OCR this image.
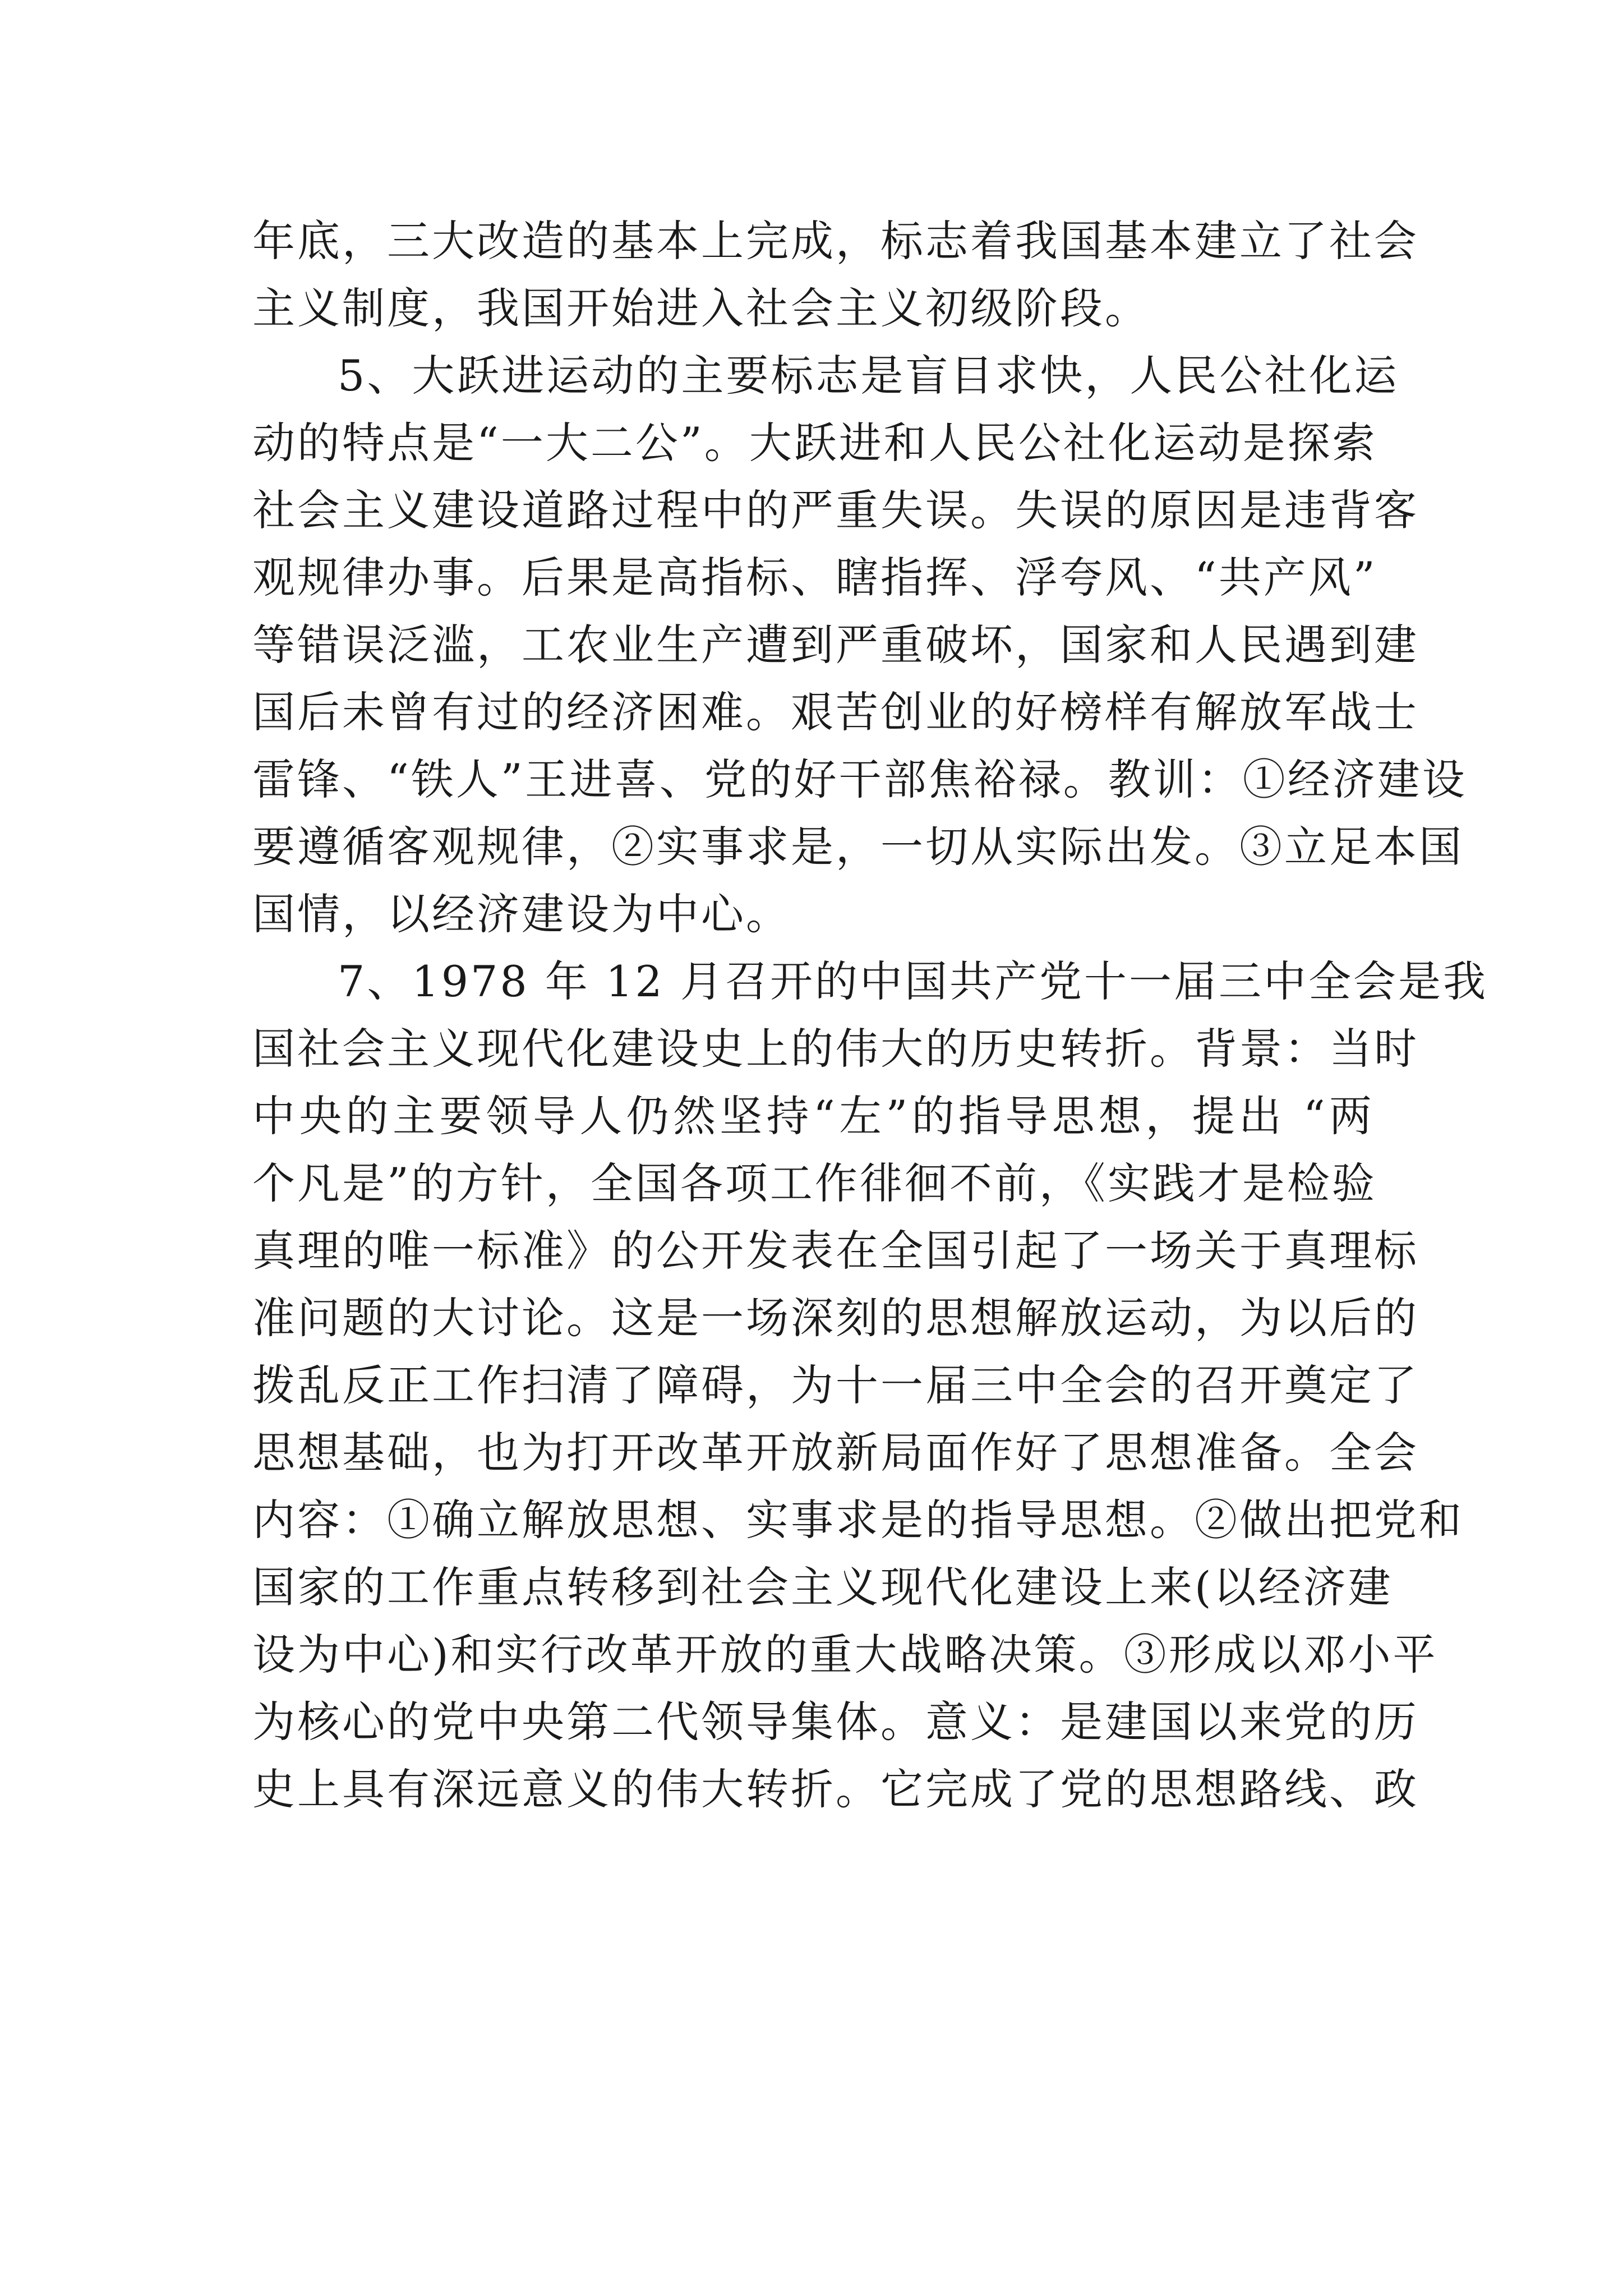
年底，三大改造的基本上完成，标志着我国基本建立了社会
主义制度，我国开始进入社会主义初级阶段。
5、大跃进运动的主要标志是盲目求快，人民公社化运
动的特点是“一大二公”。大跃进和人民公社化运动是探索
社会主义建设道路过程中的严重失误。失误的原因是违背客
观规律办事。后果是高指标、瞎指挥、浮夸风、“共产风”
等错误泛滥，工农业生产遭到严重破坏，国家和人民遇到建
国后未曾有过的经济困难。艰苦创业的好榜样有解放军战士
雷锋、“铁人”王进喜、党的好干部焦裕禄。教训：①经济建设
要遵循客观规律，②实事求是，一切从实际出发。③立足本国
国情，以经济建设为中心。
7、1978 年 12 月召开的中国共产党十一届三中全会是我
国社会主义现代化建设史上的伟大的历史转折。背景：当时
中央的主要领导人仍然坚持“左”的指导思想，提出 “两
个凡是”的方针，全国各项工作徘徊不前，《实践才是检验
真理的唯一标准》的公开发表在全国引起了一场关于真理标
准问题的大讨论。这是一场深刻的思想解放运动，为以后的
拨乱反正工作扫清了障碍，为十一届三中全会的召开奠定了
思想基础，也为打开改革开放新局面作好了思想准备。全会
内容：①确立解放思想、实事求是的指导思想。②做出把党和
国家的工作重点转移到社会主义现代化建设上来(以经济建
设为中心)和实行改革开放的重大战略决策。③形成以邓小平
为核心的党中央第二代领导集体。意义：是建国以来党的历
史上具有深远意义的伟大转折。它完成了党的思想路线、政
